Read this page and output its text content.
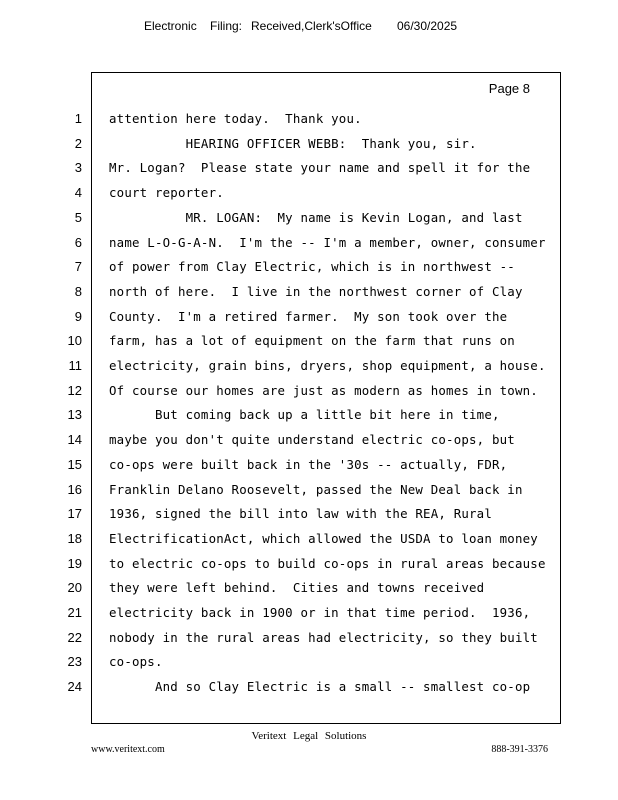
Electronic Filing: Received,Clerk'sOffice 06/30/2025
Page 8
1 attention here today.  Thank you.
2 HEARING OFFICER WEBB:  Thank you, sir.
3 Mr. Logan?  Please state your name and spell it for the
4 court reporter.
5 MR. LOGAN:  My name is Kevin Logan, and last
6 name L-O-G-A-N.  I'm the -- I'm a member, owner, consumer
7 of power from Clay Electric, which is in northwest --
8 north of here.  I live in the northwest corner of Clay
9 County.  I'm a retired farmer.  My son took over the
10 farm, has a lot of equipment on the farm that runs on
11 electricity, grain bins, dryers, shop equipment, a house.
12 Of course our homes are just as modern as homes in town.
13 But coming back up a little bit here in time,
14 maybe you don't quite understand electric co-ops, but
15 co-ops were built back in the '30s -- actually, FDR,
16 Franklin Delano Roosevelt, passed the New Deal back in
17 1936, signed the bill into law with the REA, Rural
18 ElectrificationAct, which allowed the USDA to loan money
19 to electric co-ops to build co-ops in rural areas because
20 they were left behind.  Cities and towns received
21 electricity back in 1900 or in that time period.  1936,
22 nobody in the rural areas had electricity, so they built
23 co-ops.
24 And so Clay Electric is a small -- smallest co-op
Veritext Legal Solutions
www.veritext.com	888-391-3376
